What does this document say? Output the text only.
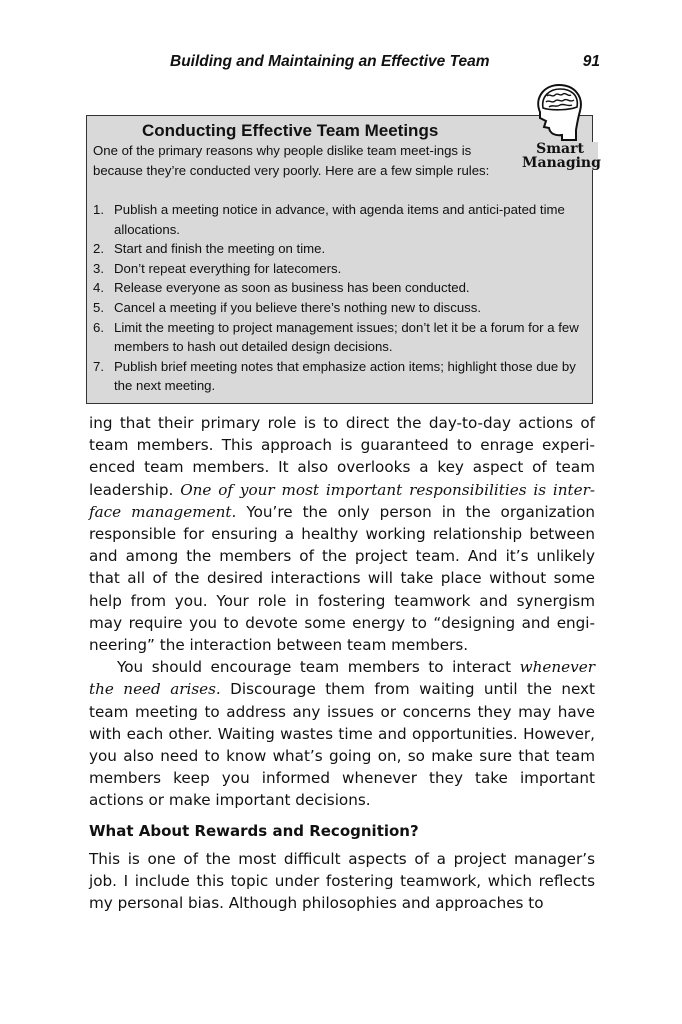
Building and Maintaining an Effective Team	91
Conducting Effective Team Meetings

One of the primary reasons why people dislike team meet-ings is because they’re conducted very poorly. Here are a few simple rules:

1. Publish a meeting notice in advance, with agenda items and antici-pated time allocations.
2. Start and finish the meeting on time.
3. Don’t repeat everything for latecomers.
4. Release everyone as soon as business has been conducted.
5. Cancel a meeting if you believe there’s nothing new to discuss.
6. Limit the meeting to project management issues; don’t let it be a forum for a few members to hash out detailed design decisions.
7. Publish brief meeting notes that emphasize action items; highlight those due by the next meeting.
Smart
Managing

ing that their primary role is to direct the day-to-day actions of team members. This approach is guaranteed to enrage experi-enced team members. It also overlooks a key aspect of team leadership. One of your most important responsibilities is inter-face management. You’re the only person in the organization responsible for ensuring a healthy working relationship between and among the members of the project team. And it’s unlikely that all of the desired interactions will take place without some help from you. Your role in fostering teamwork and synergism may require you to devote some energy to “designing and engi-neering” the interaction between team members.

You should encourage team members to interact whenever the need arises. Discourage them from waiting until the next team meeting to address any issues or concerns they may have with each other. Waiting wastes time and opportunities. However, you also need to know what’s going on, so make sure that team members keep you informed whenever they take important actions or make important decisions.

What About Rewards and Recognition?

This is one of the most difficult aspects of a project manager’s job. I include this topic under fostering teamwork, which reflects my personal bias. Although philosophies and approaches to
